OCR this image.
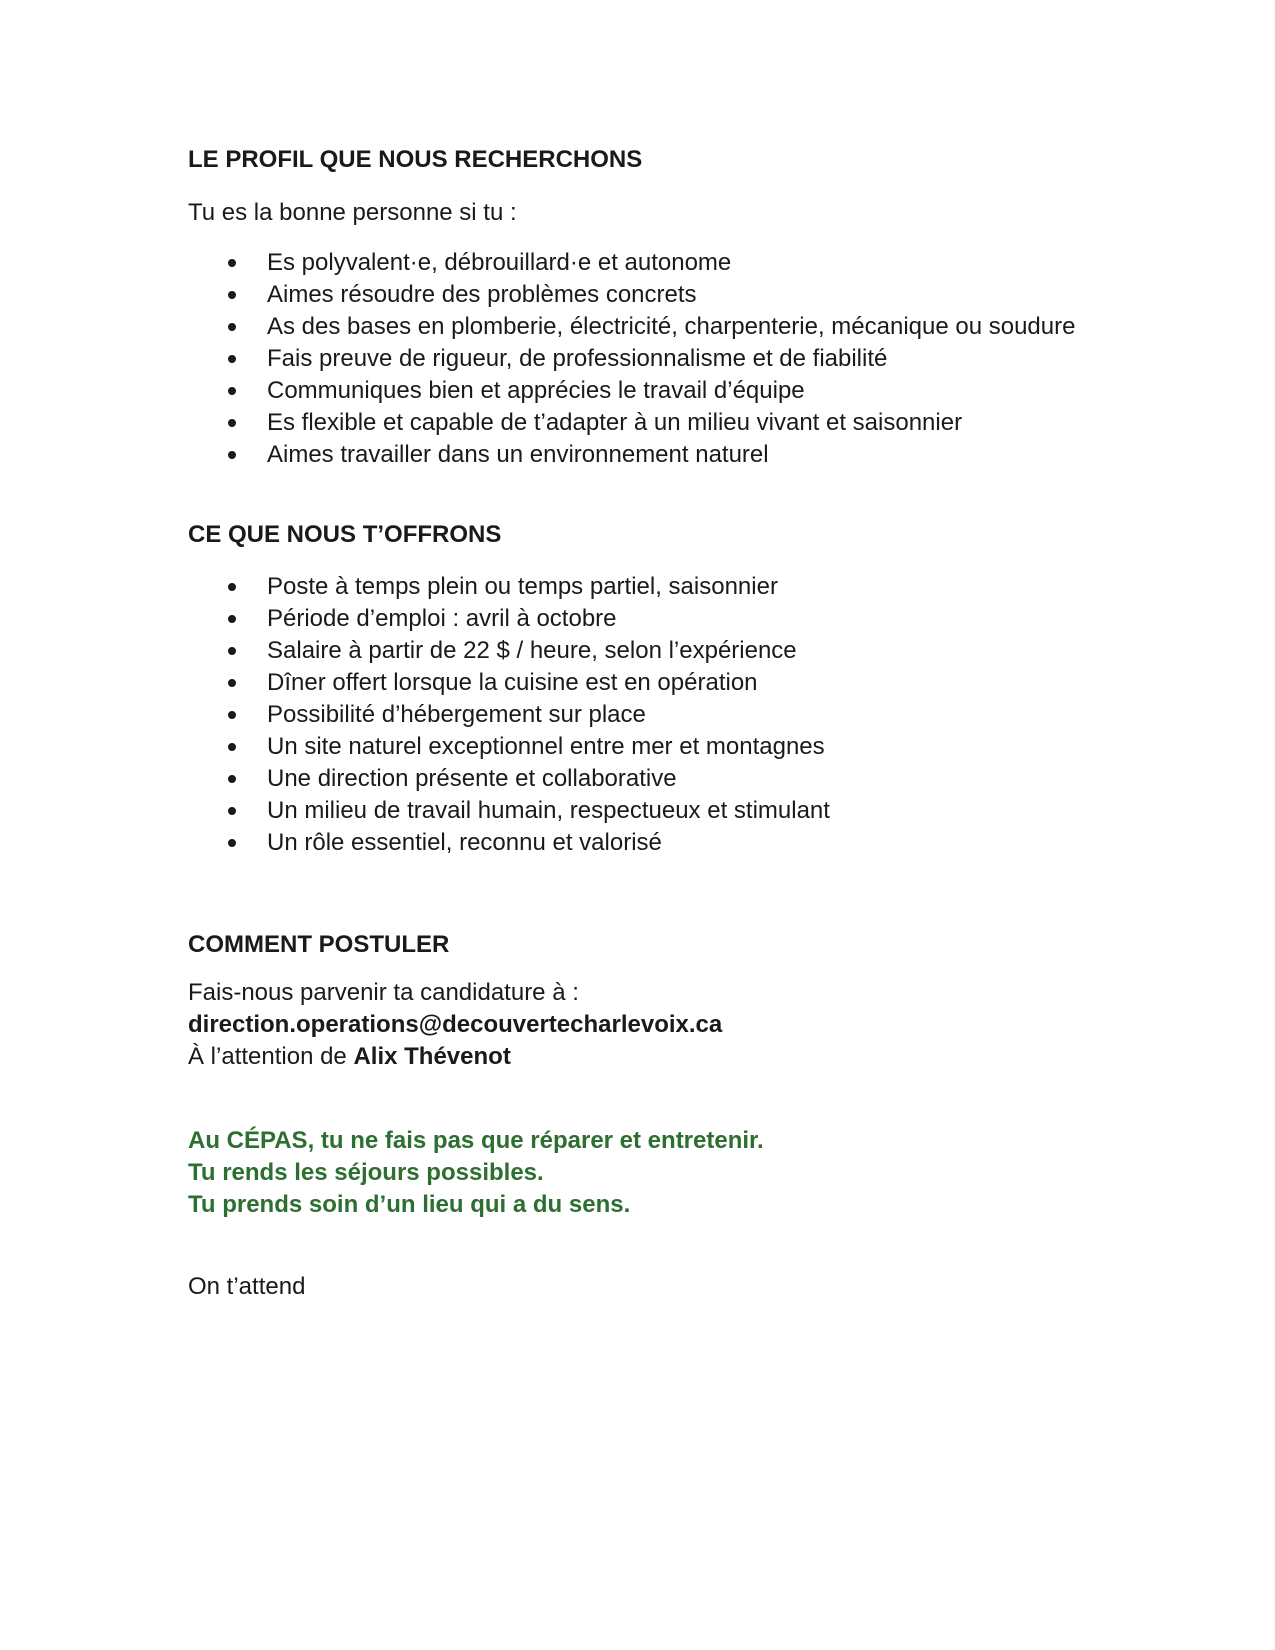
LE PROFIL QUE NOUS RECHERCHONS

Tu es la bonne personne si tu :

Es polyvalent·e, débrouillard·e et autonome
Aimes résoudre des problèmes concrets
As des bases en plomberie, électricité, charpenterie, mécanique ou soudure
Fais preuve de rigueur, de professionnalisme et de fiabilité
Communiques bien et apprécies le travail d’équipe
Es flexible et capable de t’adapter à un milieu vivant et saisonnier
Aimes travailler dans un environnement naturel
CE QUE NOUS T’OFFRONS
Poste à temps plein ou temps partiel, saisonnier
Période d’emploi : avril à octobre
Salaire à partir de 22 $ / heure, selon l’expérience
Dîner offert lorsque la cuisine est en opération
Possibilité d’hébergement sur place
Un site naturel exceptionnel entre mer et montagnes
Une direction présente et collaborative
Un milieu de travail humain, respectueux et stimulant
Un rôle essentiel, reconnu et valorisé
COMMENT POSTULER

Fais-nous parvenir ta candidature à :
direction.operations@decouvertecharlevoix.ca
À l’attention de Alix Thévenot

Au CÉPAS, tu ne fais pas que réparer et entretenir.

Tu rends les séjours possibles.

Tu prends soin d’un lieu qui a du sens.

On t’attend
